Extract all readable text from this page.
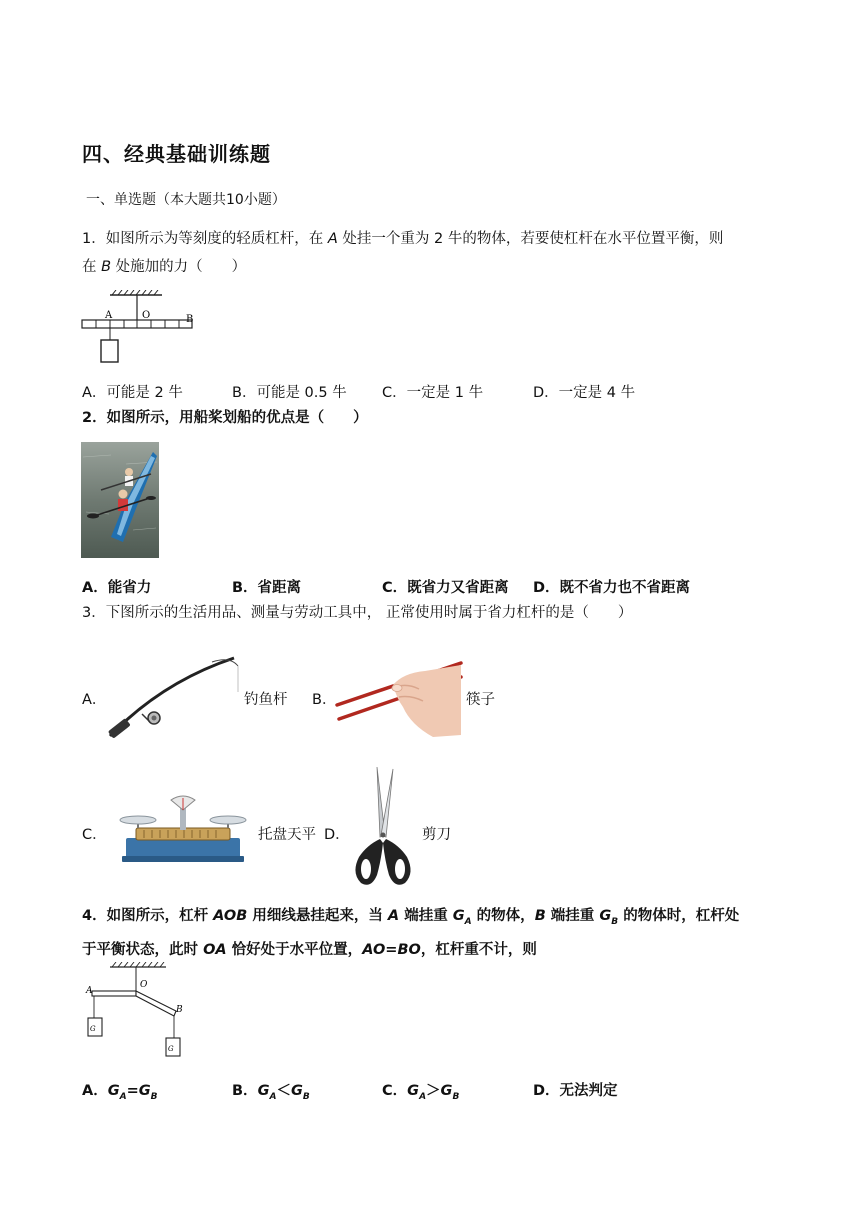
四、经典基础训练题
一、单选题（本大题共10小题）
1．如图所示为等刻度的轻质杠杆，在 A 处挂一个重为 2 牛的物体，若要使杠杆在水平位置平衡，则
在 B 处施加的力（　　）
A	O	B
A．可能是 2 牛	B．可能是 0.5 牛 C．一定是 1 牛	D．一定是 4 牛
2．如图所示，用船桨划船的优点是（　　）
A．能省力	B．省距离	C．既省力又省距离 D．既不省力也不省距离
3．下图所示的生活用品、测量与劳动工具中， 正常使用时属于省力杠杆的是（　　）
A．	钓鱼杆 B．	筷子
C．	托盘天平 D．	剪刀
4．如图所示，杠杆 AOB 用细线悬挂起来，当 A 端挂重 $G_A$ 的物体，B 端挂重 $G_B$ 的物体时，杠杆处
于平衡状态，此时 OA 恰好处于水平位置，AO=BO，杠杆重不计，则
A
O
B
G
G
A．$G_A=G_B$	B．$G_A<G_B$	C．$G_A>G_B$	D．无法判定
